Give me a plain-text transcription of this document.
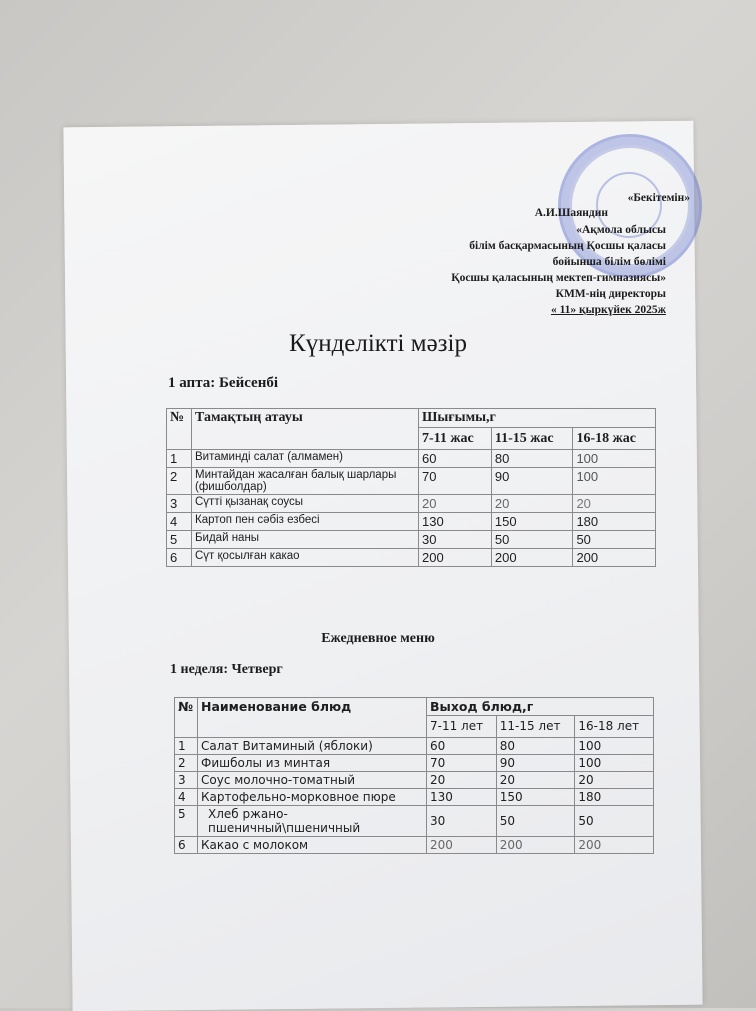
«Бекітемін»
А.И.Шаяндин
«Ақмола облысы
білім басқармасының Қосшы қаласы
бойынша білім бөлімі
Қосшы қаласының мектеп-гимназиясы»
КММ-нің директоры
« 11» қыркүйек 2025ж
Күнделікті мәзір
1 апта: Бейсенбі
№	Тамақтың атауы	Шығымы,г		
		7-11 жас	11-15 жас	16-18 жас
1	Витаминді салат (алмамен)	60	80	100
2	Минтайдан жасалған балық шарлары (фишболдар)	70	90	100
3	Сүтті қызанақ соусы	20	20	20
4	Картоп пен сәбіз езбесі	130	150	180
5	Бидай наны	30	50	50
6	Сүт қосылған какао	200	200	200
Ежедневное меню
1 неделя: Четверг
№	Наименование блюд	Выход блюд,г		
		7-11 лет	11-15 лет	16-18 лет
1	Салат Витаминый (яблоки)	60	80	100
2	Фишболы из минтая	70	90	100
3	Соус молочно-томатный	20	20	20
4	Картофельно-морковное пюре	130	150	180
5	Хлеб ржано-пшеничный\пшеничный	30	50	50
6	Какао с молоком	200	200	200
